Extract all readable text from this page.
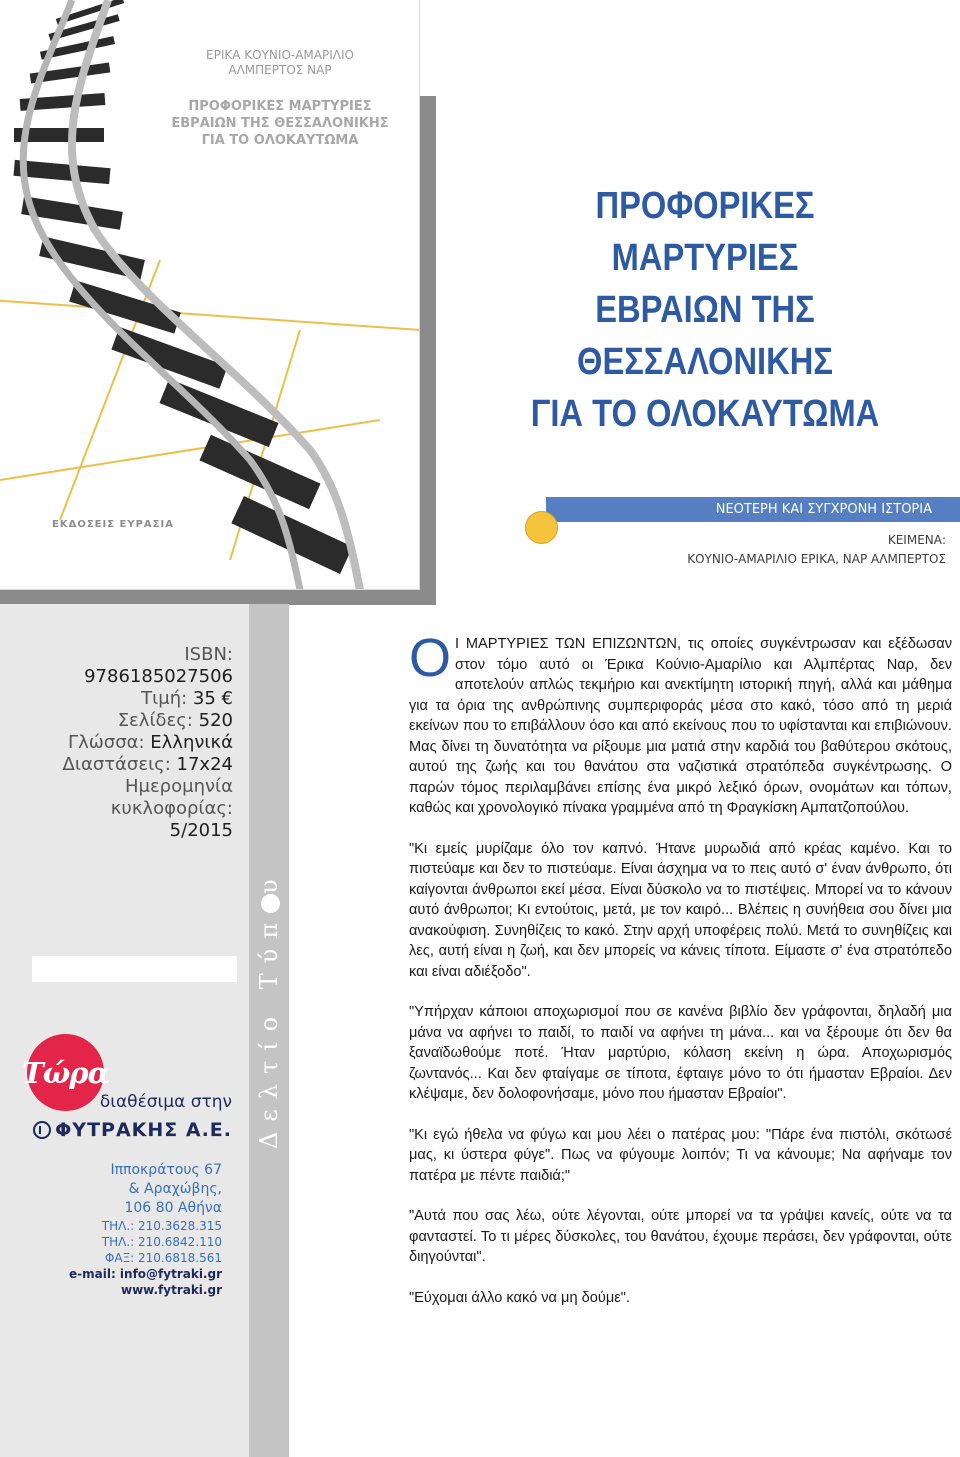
ΕΡΙΚΑ ΚΟΥΝΙΟ-ΑΜΑΡΙΛΙΟ ΑΛΜΠΕΡΤΟΣ ΝΑΡ
ΠΡΟΦΟΡΙΚΕΣ ΜΑΡΤΥΡΙΕΣ ΕΒΡΑΙΩΝ ΤΗΣ ΘΕΣΣΑΛΟΝΙΚΗΣ ΓΙΑ ΤΟ ΟΛΟΚΑΥΤΩΜΑ
ΕΚΔΟΣΕΙΣ ΕΥΡΑΣΙΑ
ΠΡΟΦΟΡΙΚΕΣ ΜΑΡΤΥΡΙΕΣ
ΕΒΡΑΙΩΝ ΤΗΣ ΘΕΣΣΑΛΟΝΙΚΗΣ
ΓΙΑ ΤΟ ΟΛΟΚΑΥΤΩΜΑ
ΝΕΟΤΕΡΗ ΚΑΙ ΣΥΓΧΡΟΝΗ ΙΣΤΟΡΙΑ
ΚΕΙΜΕΝΑ:
ΚΟΥΝΙΟ-ΑΜΑΡΙΛΙΟ ΕΡΙΚΑ, ΝΑΡ ΑΛΜΠΕΡΤΟΣ
ISBN:
9786185027506
Τιμή: 35 €
Σελίδες: 520
Γλώσσα: Ελληνικά
Διαστάσεις: 17x24
Ημερομηνία
κυκλοφορίας:
5/2015
Τώρα
διαθέσιμα στην
ΦΥΤΡΑΚΗΣ Α.Ε.
Ιπποκράτους 67
& Αραχώβης,
106 80 Αθήνα
ΤΗΛ.: 210.3628.315
ΤΗΛ.: 210.6842.110
ΦΑΞ: 210.6818.561
e-mail: info@fytraki.gr
www.fytraki.gr
Δελτίο Τύπυ

Ο Ι ΜΑΡΤΥΡΙΕΣ ΤΩΝ ΕΠΙΖΩΝΤΩΝ, τις οποίες συγκέντρωσαν και εξέδωσαν στον τόμο αυτό οι Έρικα Κούνιο-Αμαρίλιο και Αλμπέρτας Ναρ, δεν αποτελούν απλώς τεκμήριο και ανεκτίμητη ιστορική πηγή, αλλά και μάθημα για τα όρια της ανθρώπινης συμπεριφοράς μέσα στο κακό, τόσο από τη μεριά εκείνων που το επιβάλλουν όσο και από εκείνους που το υφίστανται και επιβιώνουν. Μας δίνει τη δυνατότητα να ρίξουμε μια ματιά στην καρδιά του βαθύτερου σκότους, αυτού της ζωής και του θανάτου στα ναζιστικά στρατόπεδα συγκέντρωσης. Ο παρών τόμος περιλαμβάνει επίσης ένα μικρό λεξικό όρων, ονομάτων και τόπων, καθώς και χρονολογικό πίνακα γραμμένα από τη Φραγκίσκη Αμπατζοπούλου.

"Κι εμείς μυρίζαμε όλο τον καπνό. Ήτανε μυρωδιά από κρέας καμένο. Και το πιστεύαμε και δεν το πιστεύαμε. Είναι άσχημα να το πεις αυτό σ' έναν άνθρωπο, ότι καίγονται άνθρωποι εκεί μέσα. Είναι δύσκολο να το πιστέψεις. Μπορεί να το κάνουν αυτό άνθρωποι; Κι εντούτοις, μετά, με τον καιρό... Βλέπεις η συνήθεια σου δίνει μια ανακούφιση. Συνηθίζεις το κακό. Στην αρχή υποφέρεις πολύ. Μετά το συνηθίζεις και λες, αυτή είναι η ζωή, και δεν μπορείς να κάνεις τίποτα. Είμαστε σ' ένα στρατόπεδο και είναι αδιέξοδο".

"Υπήρχαν κάποιοι αποχωρισμοί που σε κανένα βιβλίο δεν γράφονται, δηλαδή μια μάνα να αφήνει το παιδί, το παιδί να αφήνει τη μάνα... και να ξέρουμε ότι δεν θα ξαναϊδωθούμε ποτέ. Ήταν μαρτύριο, κόλαση εκείνη η ώρα. Αποχωρισμός ζωντανός... Και δεν φταίγαμε σε τίποτα, έφταιγε μόνο το ότι ήμασταν Εβραίοι. Δεν κλέψαμε, δεν δολοφονήσαμε, μόνο που ήμασταν Εβραίοι".

"Κι εγώ ήθελα να φύγω και μου λέει ο πατέρας μου: "Πάρε ένα πιστόλι, σκότωσέ μας, κι ύστερα φύγε". Πως να φύγουμε λοιπόν; Τι να κάνουμε; Να αφήναμε τον πατέρα με πέντε παιδιά;"

"Αυτά που σας λέω, ούτε λέγονται, ούτε μπορεί να τα γράψει κανείς, ούτε να τα φανταστεί. Το τι μέρες δύσκολες, του θανάτου, έχουμε περάσει, δεν γράφονται, ούτε διηγούνται".

"Εύχομαι άλλο κακό να μη δούμε".
